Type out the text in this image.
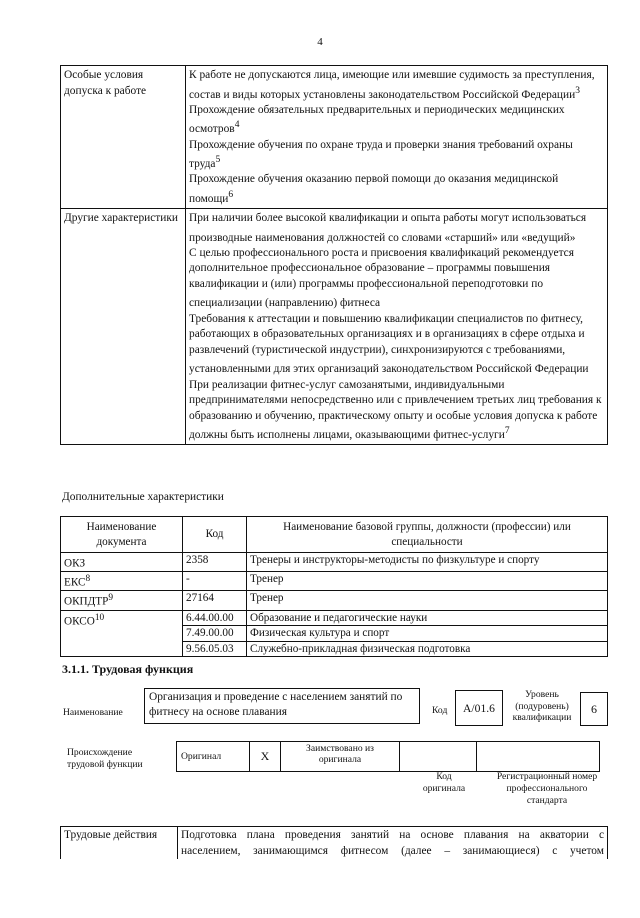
4
Особые условия допуска к работе	К работе не допускаются лица, имеющие или имевшие судимость за преступления, состав и виды которых установлены законодательством Российской Федерации$^3$

Прохождение обязательных предварительных и периодических медицинских осмотров$^4$

Прохождение обучения по охране труда и проверки знания требований охраны труда$^5$

Прохождение обучения оказанию первой помощи до оказания медицинской помощи$^6$

Другие характеристики	При наличии более высокой квалификации и опыта работы могут использоваться производные наименования должностей со словами «старший» или «ведущий»

С целью профессионального роста и присвоения квалификаций рекомендуется дополнительное профессиональное образование – программы повышения квалификации и (или) программы профессиональной переподготовки по специализации (направлению) фитнеса

Требования к аттестации и повышению квалификации специалистов по фитнесу, работающих в образовательных организациях и в организациях в сфере отдыха и развлечений (туристической индустрии), синхронизируются с требованиями, установленными для этих организаций законодательством Российской Федерации

При реализации фитнес-услуг самозанятыми, индивидуальными предпринимателями непосредственно или с привлечением третьих лиц требования к образованию и обучению, практическому опыту и особые условия допуска к работе должны быть исполнены лицами, оказывающими фитнес-услуги$^7$

Дополнительные характеристики
Наименование документа	Код	Наименование базовой группы, должности (профессии) или специальности
ОКЗ	2358	Тренеры и инструкторы-методисты по физкультуре и спорту
ЕКС$^8$	-	Тренер
ОКПДТР$^9$	27164	Тренер
ОКСО$^{10}$	6.44.00.00	Образование и педагогические науки
	7.49.00.00	Физическая культура и спорт
	9.56.05.03	Служебно-прикладная физическая подготовка
3.1.1. Трудовая функция
Наименование
Организация и проведение с населением занятий по фитнесу на основе плавания	Код	A/01.6
Уровень (подуровень) квалификации
6
Происхождение трудовой функции
Оригинал	X	Заимствовано из оригинала		
Код оригинала
Регистрационный номер профессионального стандарта
Трудовые действия	Подготовка плана проведения занятий на основе плавания на акватории с
населением, занимающимся фитнесом (далее – занимающиеся) с учетом
